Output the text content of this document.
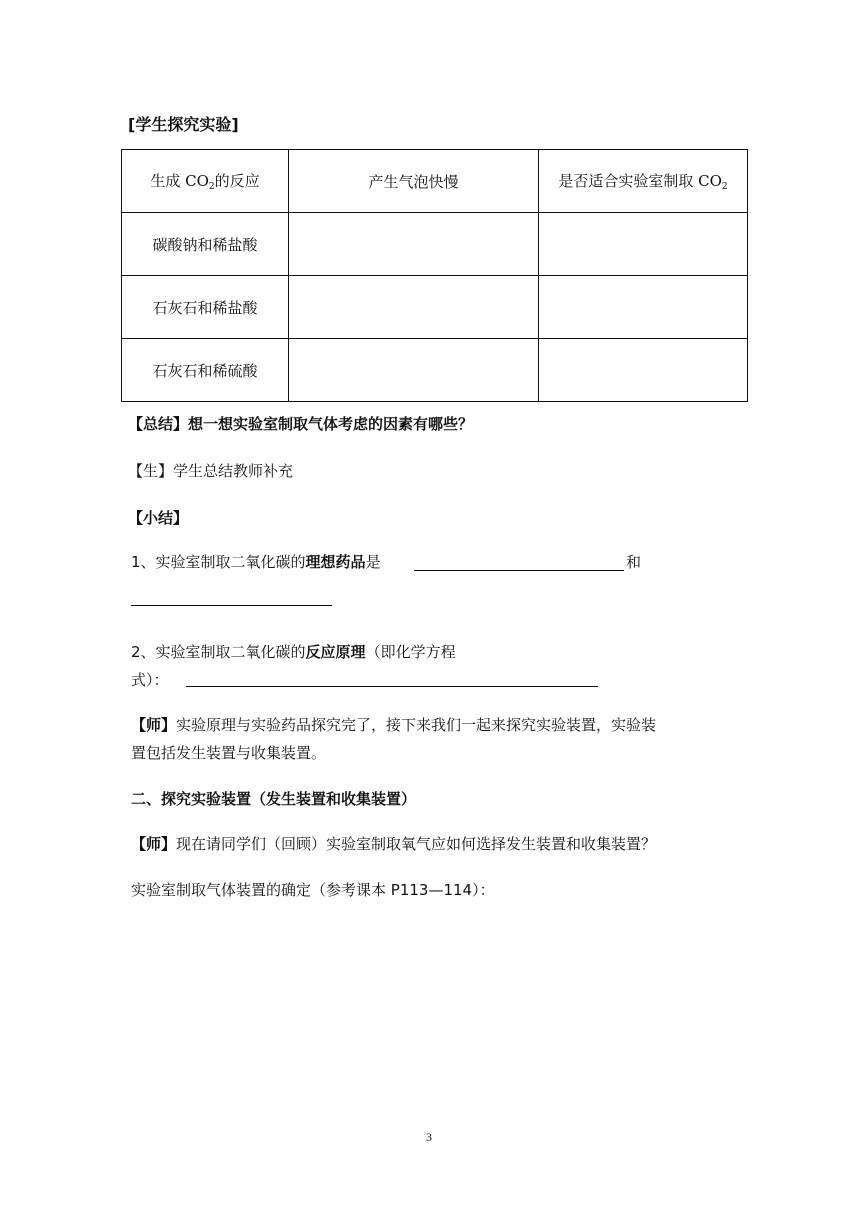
[学生探究实验]
生成 $CO_2$的反应	产生气泡快慢	是否适合实验室制取 $CO_2$
碳酸钠和稀盐酸		
石灰石和稀盐酸		
石灰石和稀硫酸		
【总结】想一想实验室制取气体考虑的因素有哪些？
【生】学生总结教师补充
【小结】
1、实验室制取二氧化碳的理想药品是	和
2、实验室制取二氧化碳的反应原理（即化学方程
式）：
【师】实验原理与实验药品探究完了，接下来我们一起来探究实验装置，实验装
置包括发生装置与收集装置。
二、探究实验装置（发生装置和收集装置）
【师】现在请同学们（回顾）实验室制取氧气应如何选择发生装置和收集装置？
实验室制取气体装置的确定（参考课本 P113—114）：
3
